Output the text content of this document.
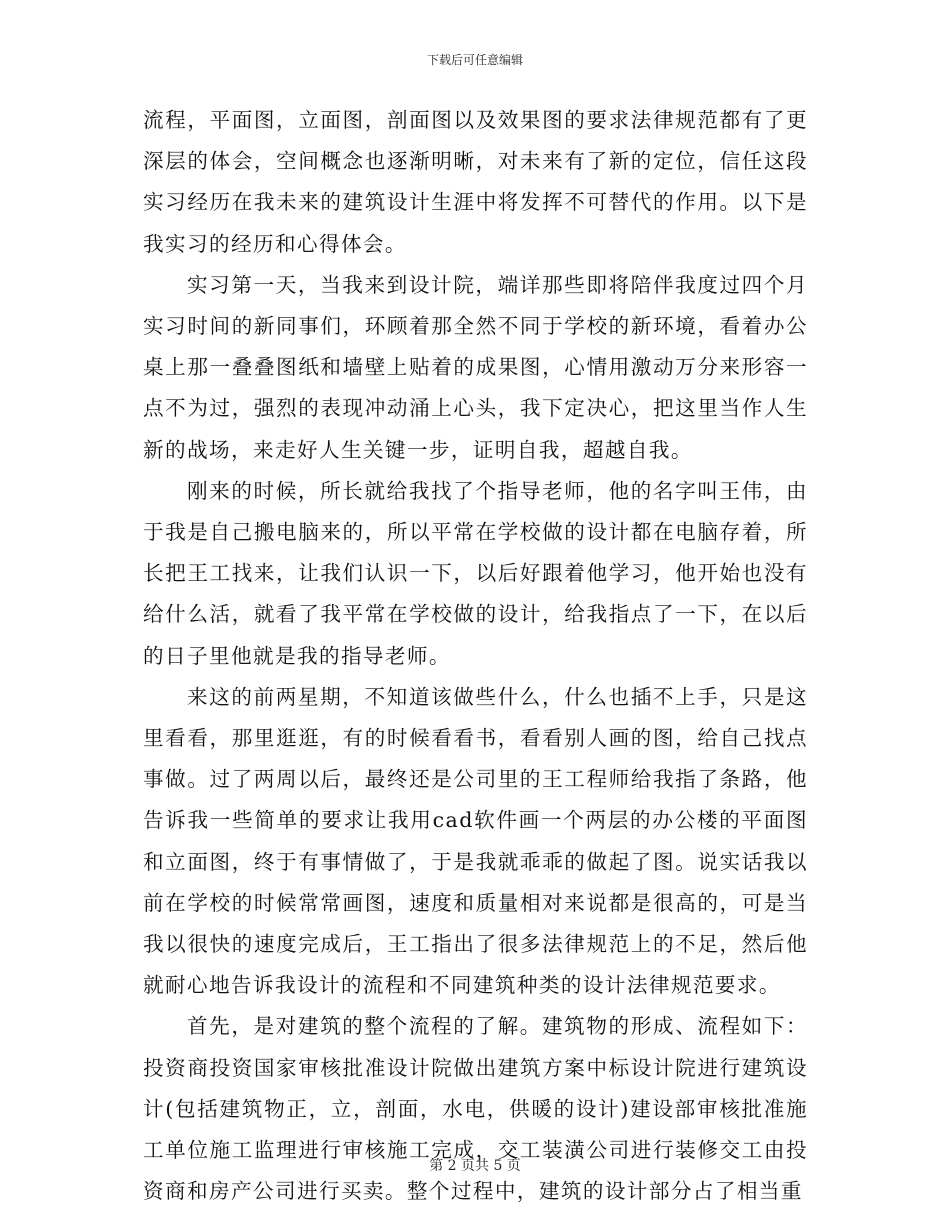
下载后可任意编辑

流程，平面图，立面图，剖面图以及效果图的要求法律规范都有了更深层的体会，空间概念也逐渐明晰，对未来有了新的定位，信任这段实习经历在我未来的建筑设计生涯中将发挥不可替代的作用。以下是我实习的经历和心得体会。

实习第一天，当我来到设计院，端详那些即将陪伴我度过四个月实习时间的新同事们，环顾着那全然不同于学校的新环境，看着办公桌上那一叠叠图纸和墙壁上贴着的成果图，心情用激动万分来形容一点不为过，强烈的表现冲动涌上心头，我下定决心，把这里当作人生新的战场，来走好人生关键一步，证明自我，超越自我。

刚来的时候，所长就给我找了个指导老师，他的名字叫王伟，由于我是自己搬电脑来的，所以平常在学校做的设计都在电脑存着，所长把王工找来，让我们认识一下，以后好跟着他学习，他开始也没有给什么活，就看了我平常在学校做的设计，给我指点了一下，在以后的日子里他就是我的指导老师。

来这的前两星期，不知道该做些什么，什么也插不上手，只是这里看看，那里逛逛，有的时候看看书，看看别人画的图，给自己找点事做。过了两周以后，最终还是公司里的王工程师给我指了条路，他告诉我一些简单的要求让我用cad软件画一个两层的办公楼的平面图和立面图，终于有事情做了，于是我就乖乖的做起了图。说实话我以前在学校的时候常常画图，速度和质量相对来说都是很高的，可是当我以很快的速度完成后，王工指出了很多法律规范上的不足，然后他就耐心地告诉我设计的流程和不同建筑种类的设计法律规范要求。

首先，是对建筑的整个流程的了解。建筑物的形成、流程如下：投资商投资国家审核批准设计院做出建筑方案中标设计院进行建筑设计(包括建筑物正，立，剖面，水电，供暖的设计)建设部审核批准施工单位施工监理进行审核施工完成，交工装潢公司进行装修交工由投资商和房产公司进行买卖。整个过程中，建筑的设计部分占了相当重

第 2 页共 5 页
